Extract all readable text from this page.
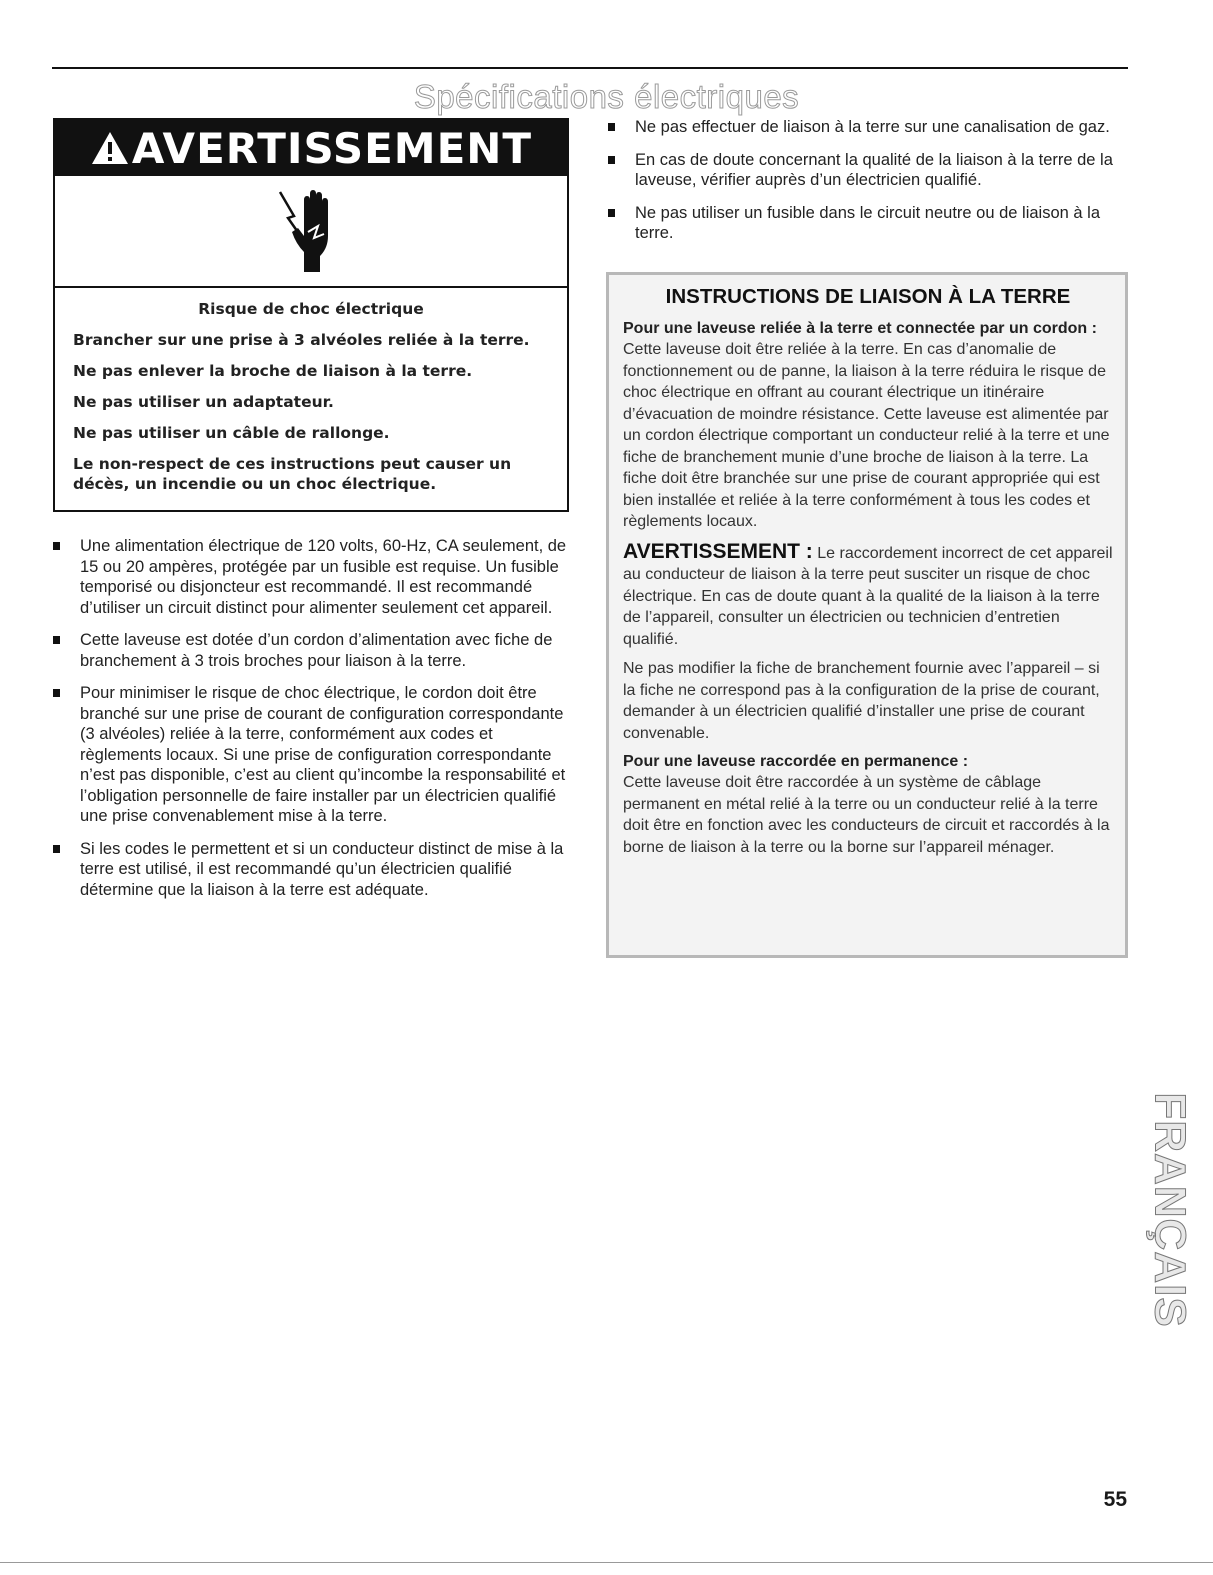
Spécifications électriques
AVERTISSEMENT
Risque de choc électrique
Brancher sur une prise à 3 alvéoles reliée à la terre.
Ne pas enlever la broche de liaison à la terre.
Ne pas utiliser un adaptateur.
Ne pas utiliser un câble de rallonge.
Le non-respect de ces instructions peut causer un décès, un incendie ou un choc électrique.
Une alimentation électrique de 120 volts, 60-Hz, CA seulement, de 15 ou 20 ampères, protégée par un fusible est requise. Un fusible temporisé ou disjoncteur est recommandé. Il est recommandé d’utiliser un circuit distinct pour alimenter seulement cet appareil.
Cette laveuse est dotée d’un cordon d’alimentation avec fiche de branchement à 3 trois broches pour liaison à la terre.
Pour minimiser le risque de choc électrique, le cordon doit être branché sur une prise de courant de configuration correspondante (3 alvéoles) reliée à la terre, conformément aux codes et règlements locaux. Si une prise de configuration correspondante n’est pas disponible, c’est au client qu’incombe la responsabilité et l’obligation personnelle de faire installer par un électricien qualifié une prise convenablement mise à la terre.
Si les codes le permettent et si un conducteur distinct de mise à la terre est utilisé, il est recommandé qu’un électricien qualifié détermine que la liaison à la terre est adéquate.
Ne pas effectuer de liaison à la terre sur une canalisation de gaz.
En cas de doute concernant la qualité de la liaison à la terre de la laveuse, vérifier auprès d’un électricien qualifié.
Ne pas utiliser un fusible dans le circuit neutre ou de liaison à la terre.
INSTRUCTIONS DE LIAISON À LA TERRE

Pour une laveuse reliée à la terre et connectée par un cordon :

Cette laveuse doit être reliée à la terre. En cas d’anomalie de fonctionnement ou de panne, la liaison à la terre réduira le risque de choc électrique en offrant au courant électrique un itinéraire d’évacuation de moindre résistance. Cette laveuse est alimentée par un cordon électrique comportant un conducteur relié à la terre et une fiche de branchement munie d’une broche de liaison à la terre. La fiche doit être branchée sur une prise de courant appropriée qui est bien installée et reliée à la terre conformément à tous les codes et règlements locaux.

AVERTISSEMENT : Le raccordement incorrect de cet appareil au conducteur de liaison à la terre peut susciter un risque de choc électrique. En cas de doute quant à la qualité de la liaison à la terre de l’appareil, consulter un électricien ou technicien d’entretien qualifié.

Ne pas modifier la fiche de branchement fournie avec l’appareil – si la fiche ne correspond pas à la configuration de la prise de courant, demander à un électricien qualifié d’installer une prise de courant convenable.

Pour une laveuse raccordée en permanence :

Cette laveuse doit être raccordée à un système de câblage permanent en métal relié à la terre ou un conducteur relié à la terre doit être en fonction avec les conducteurs de circuit et raccordés à la borne de liaison à la terre ou la borne sur l’appareil ménager.

FRANÇAIS
55
